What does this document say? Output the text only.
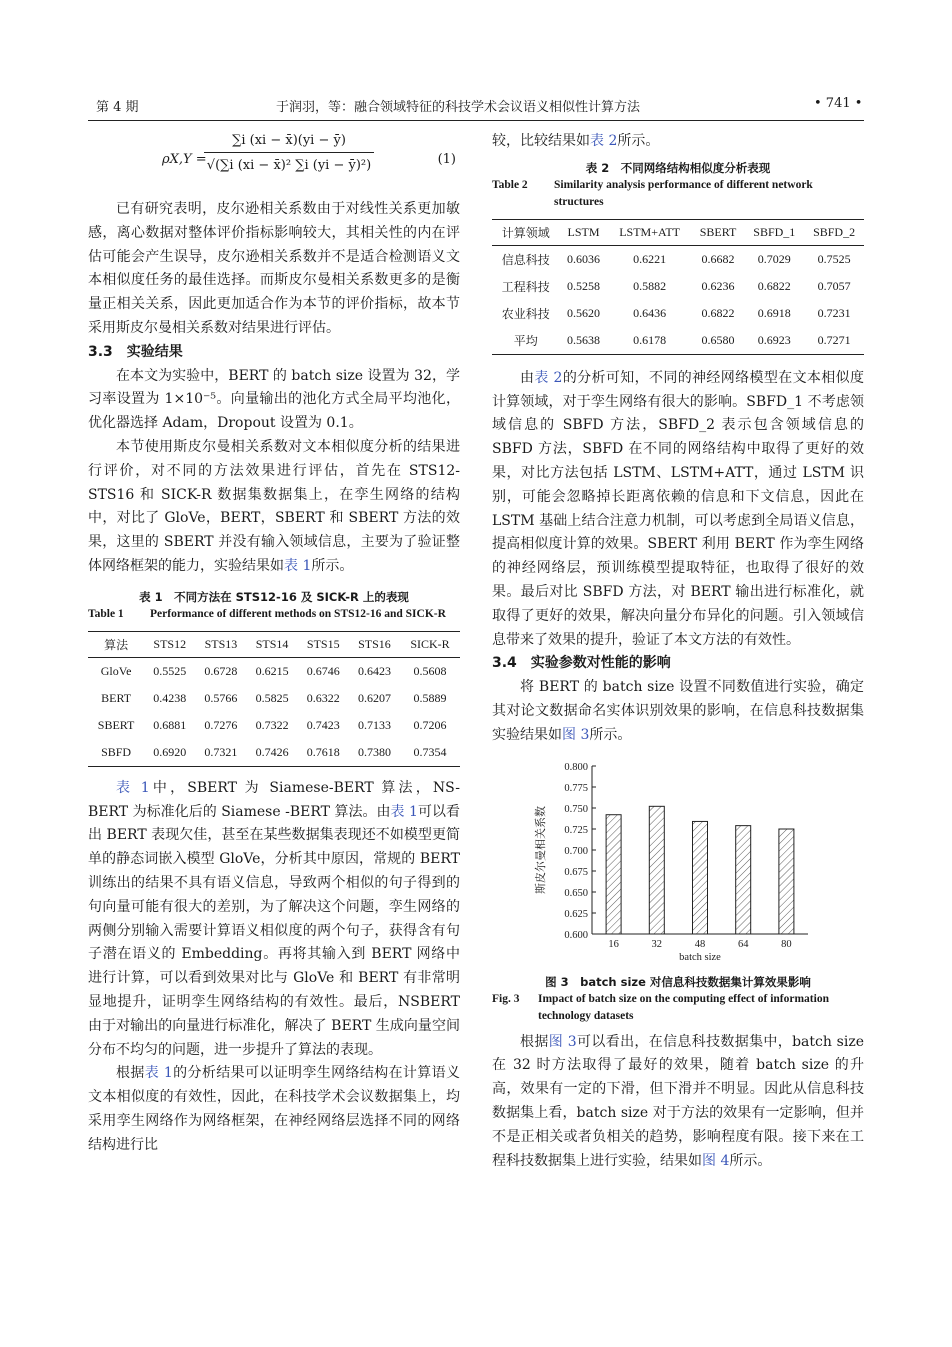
第 4 期	于润羽，等：融合领域特征的科技学术会议语义相似性计算方法	• 741 •
ρX,Y =
$\frac{\sum i (xi - x̄)(yi - ȳ)}{\text{√(∑i (xi − x̄)² ∑i (yi − ȳ)²)}}$	(1)

已有研究表明，皮尔逊相关系数由于对线性关系更加敏感，离心数据对整体评价指标影响较大，其相关性的内在评估可能会产生误导，皮尔逊相关系数并不是适合检测语义文本相似度任务的最佳选择。而斯皮尔曼相关系数更多的是衡量正相关关系，因此更加适合作为本节的评价指标，故本节采用斯皮尔曼相关系数对结果进行评估。

3.3　实验结果

在本文为实验中，BERT 的 batch size 设置为 32，学习率设置为 1×10⁻⁵。向量输出的池化方式全局平均池化，优化器选择 Adam，Dropout 设置为 0.1。

本节使用斯皮尔曼相关系数对文本相似度分析的结果进行评价，对不同的方法效果进行评估，首先在 STS12-STS16 和 SICK-R 数据集数据集上，在孪生网络的结构中，对比了 GloVe，BERT，SBERT 和 SBERT 方法的效果，这里的 SBERT 并没有输入领域信息，主要为了验证整体网络框架的能力，实验结果如表 1所示。

表 1　不同方法在 STS12-16 及 SICK-R 上的表现
Table 1	Performance of different methods on STS12-16 and SICK-R
算法	STS12	STS13	STS14	STS15	STS16	SICK-R
GloVe	0.5525	0.6728	0.6215	0.6746	0.6423	0.5608
BERT	0.4238	0.5766	0.5825	0.6322	0.6207	0.5889
SBERT	0.6881	0.7276	0.7322	0.7423	0.7133	0.7206
SBFD	0.6920	0.7321	0.7426	0.7618	0.7380	0.7354

表 1中，SBERT 为 Siamese-BERT 算法，NS-BERT 为标准化后的 Siamese -BERT 算法。由表 1可以看出 BERT 表现欠佳，甚至在某些数据集表现还不如模型更简单的静态词嵌入模型 GloVe，分析其中原因，常规的 BERT 训练出的结果不具有语义信息，导致两个相似的句子得到的句向量可能有很大的差别，为了解决这个问题，孪生网络的两侧分别输入需要计算语义相似度的两个句子，获得含有句子潜在语义的 Embedding。再将其输入到 BERT 网络中进行计算，可以看到效果对比与 GloVe 和 BERT 有非常明显地提升，证明孪生网络结构的有效性。最后，NSBERT 由于对输出的向量进行标准化，解决了 BERT 生成向量空间分布不均匀的问题，进一步提升了算法的表现。

根据表 1的分析结果可以证明孪生网络结构在计算语义文本相似度的有效性，因此，在科技学术会议数据集上，均采用孪生网络作为网络框架，在神经网络层选择不同的网络结构进行比

较，比较结果如表 2所示。

表 2　不同网络结构相似度分析表现
Table 2	Similarity analysis performance of different network structures
计算领域	LSTM	LSTM+ATT	SBERT	SBFD_1	SBFD_2
信息科技	0.6036	0.6221	0.6682	0.7029	0.7525
工程科技	0.5258	0.5882	0.6236	0.6822	0.7057
农业科技	0.5620	0.6436	0.6822	0.6918	0.7231
平均	0.5638	0.6178	0.6580	0.6923	0.7271

由表 2的分析可知，不同的神经网络模型在文本相似度计算领域，对于孪生网络有很大的影响。SBFD_1 不考虑领域信息的 SBFD 方法，SBFD_2 表示包含领域信息的 SBFD 方法，SBFD 在不同的网络结构中取得了更好的效果，对比方法包括 LSTM、LSTM+ATT，通过 LSTM 识别，可能会忽略掉长距离依赖的信息和下文信息，因此在 LSTM 基础上结合注意力机制，可以考虑到全局语义信息，提高相似度计算的效果。SBERT 利用 BERT 作为孪生网络的神经网络层，预训练模型提取特征，也取得了很好的效果。最后对比 SBFD 方法，对 BERT 输出进行标准化，就取得了更好的效果，解决向量分布异化的问题。引入领域信息带来了效果的提升，验证了本文方法的有效性。

3.4　实验参数对性能的影响

将 BERT 的 batch size 设置不同数值进行实验，确定其对论文数据命名实体识别效果的影响，在信息科技数据集实验结果如图 3所示。

0.600
0.625
0.650
0.675
0.700
0.725
0.750
0.775
0.800
16	32	48	64	80
batch size
斯皮尔曼相关系数
图 3　batch size 对信息科技数据集计算效果影响
Fig. 3	Impact of batch size on the computing effect of information technology datasets

根据图 3可以看出，在信息科技数据集中，batch size 在 32 时方法取得了最好的效果，随着 batch size 的升高，效果有一定的下滑，但下滑并不明显。因此从信息科技数据集上看，batch size 对于方法的效果有一定影响，但并不是正相关或者负相关的趋势，影响程度有限。接下来在工程科技数据集上进行实验，结果如图 4所示。
